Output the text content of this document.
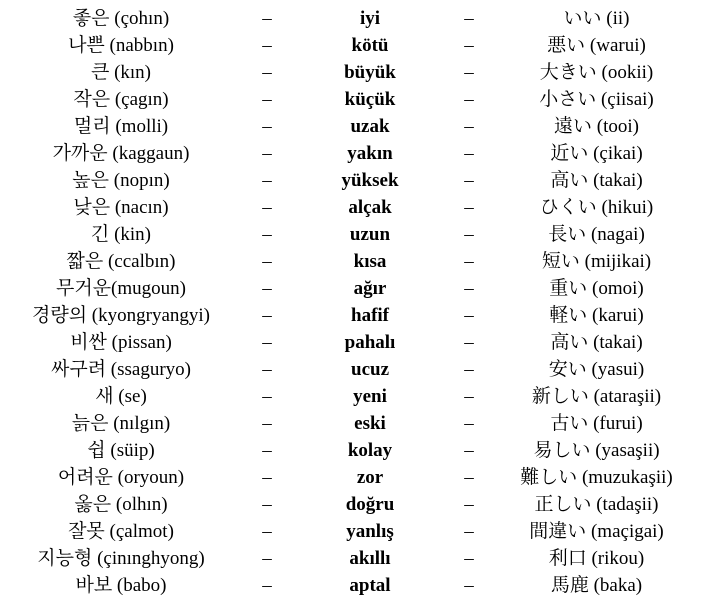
좋은 (çohın)	–	iyi	–	いい (ii)
나쁜 (nabbın)	–	kötü	–	悪い (warui)
큰 (kın)	–	büyük	–	大きい (ookii)
작은 (çagın)	–	küçük	–	小さい (çiisai)
멀리 (molli)	–	uzak	–	遠い (tooi)
가까운 (kaggaun)	–	yakın	–	近い (çikai)
높은 (nopın)	–	yüksek	–	高い (takai)
낮은 (nacın)	–	alçak	–	ひくい (hikui)
긴 (kin)	–	uzun	–	長い (nagai)
짧은 (ccalbın)	–	kısa	–	短い (mijikai)
무거운(mugoun)	–	ağır	–	重い (omoi)
경량의 (kyongryangyi)	–	hafif	–	軽い (karui)
비싼 (pissan)	–	pahalı	–	高い (takai)
싸구려 (ssaguryo)	–	ucuz	–	安い (yasui)
새 (se)	–	yeni	–	新しい (ataraşii)
늙은 (nılgın)	–	eski	–	古い (furui)
쉽 (süip)	–	kolay	–	易しい (yasaşii)
어려운 (oryoun)	–	zor	–	難しい (muzukaşii)
옳은 (olhın)	–	doğru	–	正しい (tadaşii)
잘못 (çalmot)	–	yanlış	–	間違い (maçigai)
지능형 (çinınghyong)	–	akıllı	–	利口 (rikou)
바보 (babo)	–	aptal	–	馬鹿 (baka)
